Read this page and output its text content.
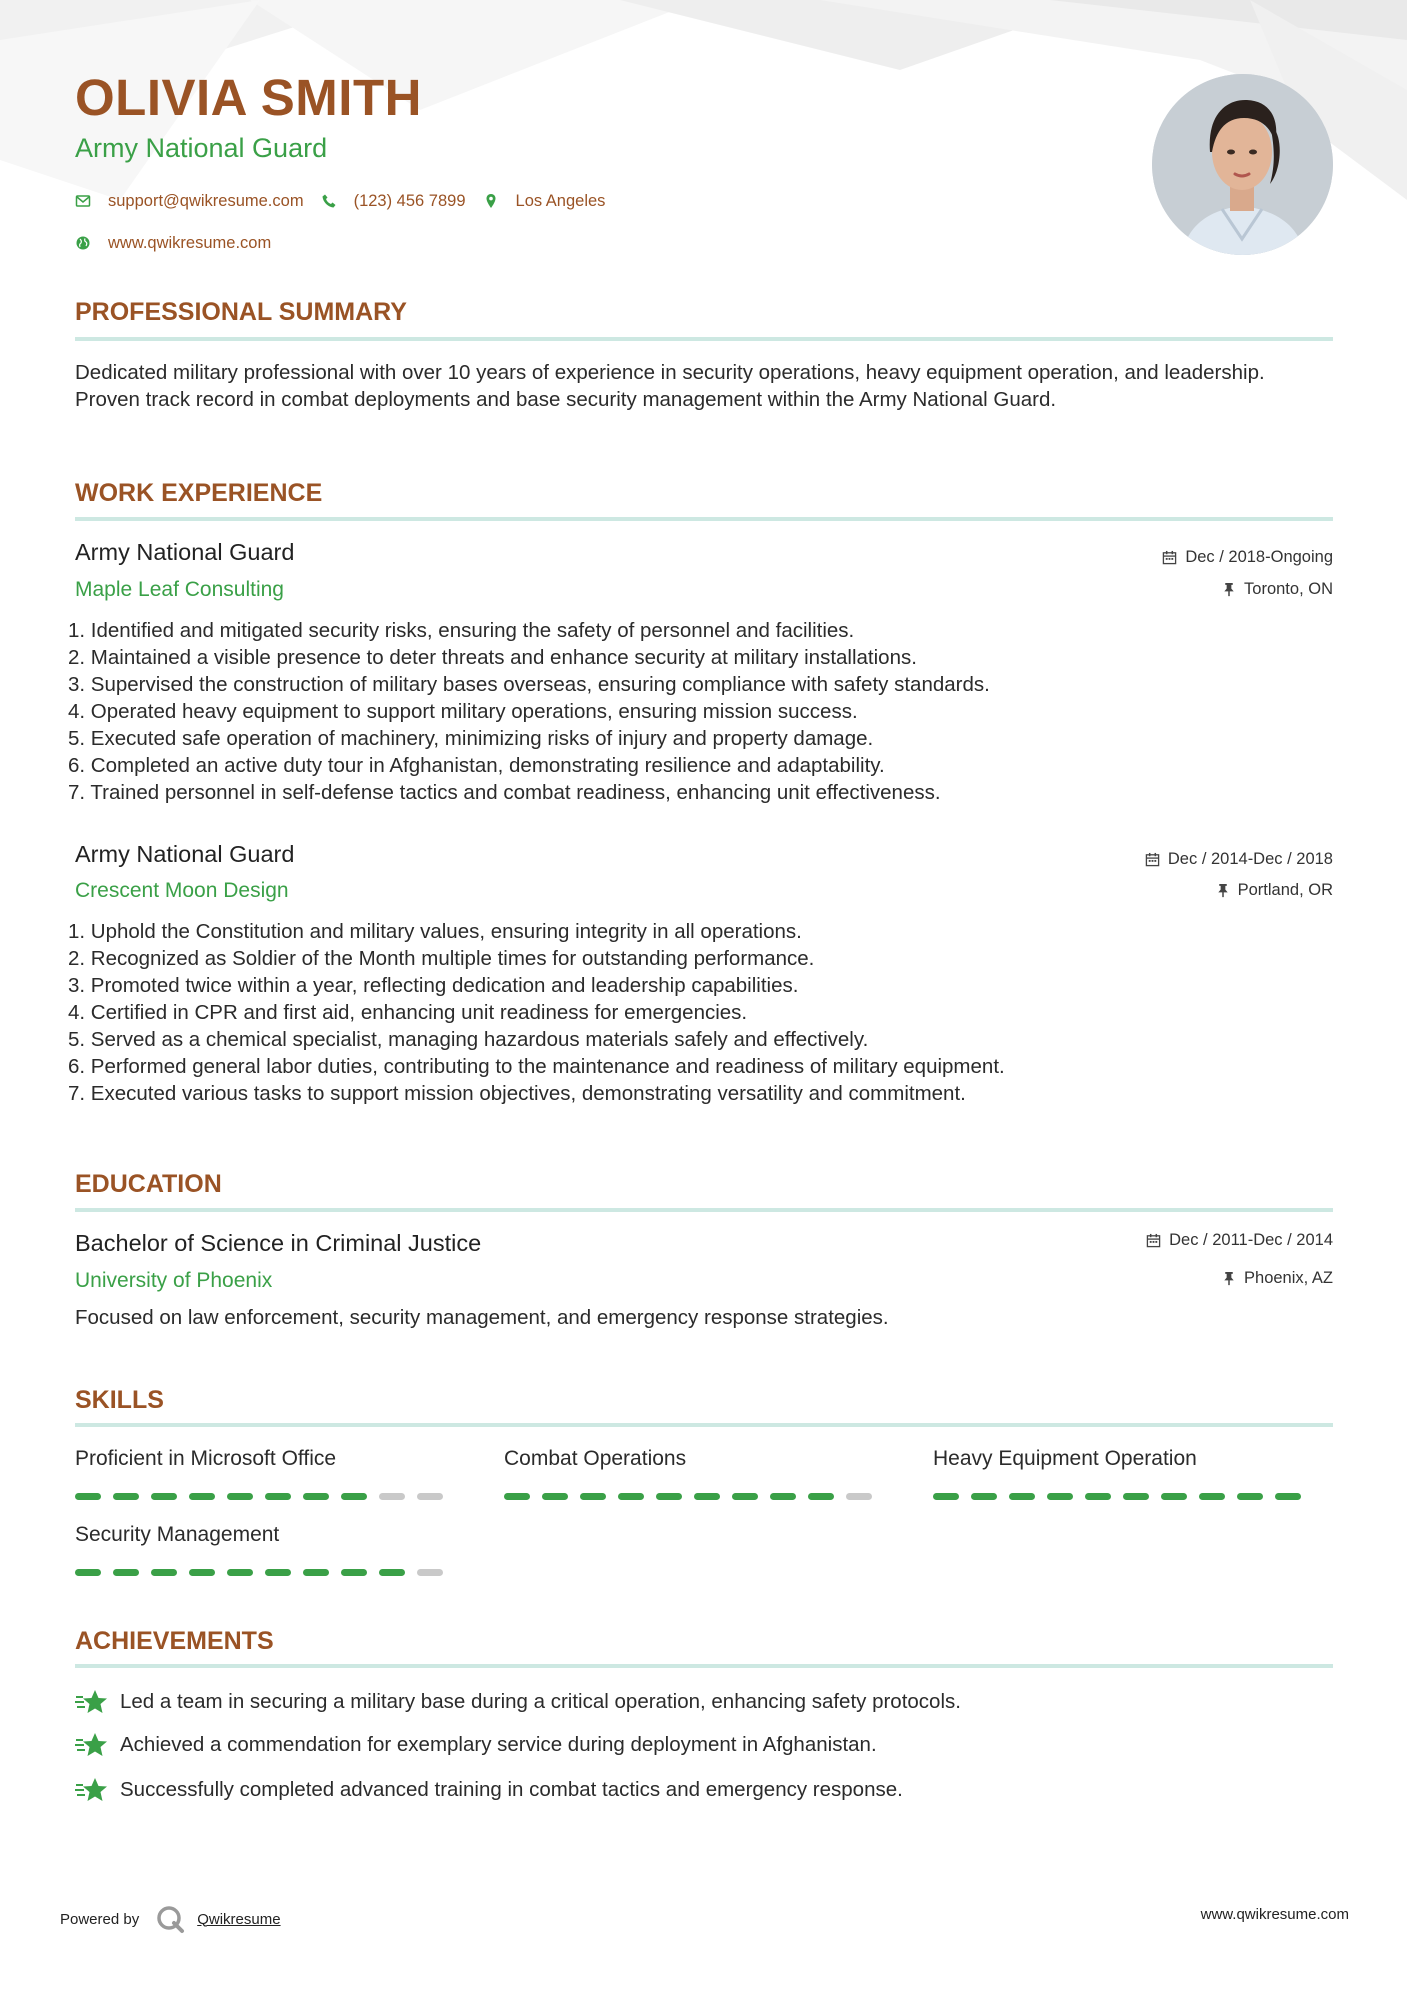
OLIVIA SMITH
Army National Guard
support@qwikresume.com	(123) 456 7899	Los Angeles
www.qwikresume.com
PROFESSIONAL SUMMARY
Dedicated military professional with over 10 years of experience in security operations, heavy equipment operation, and leadership. Proven track record in combat deployments and base security management within the Army National Guard.
WORK EXPERIENCE
Army National Guard
Maple Leaf Consulting
Dec / 2018-Ongoing
Toronto, ON
1. Identified and mitigated security risks, ensuring the safety of personnel and facilities.
2. Maintained a visible presence to deter threats and enhance security at military installations.
3. Supervised the construction of military bases overseas, ensuring compliance with safety standards.
4. Operated heavy equipment to support military operations, ensuring mission success.
5. Executed safe operation of machinery, minimizing risks of injury and property damage.
6. Completed an active duty tour in Afghanistan, demonstrating resilience and adaptability.
7. Trained personnel in self-defense tactics and combat readiness, enhancing unit effectiveness.
Army National Guard
Crescent Moon Design
Dec / 2014-Dec / 2018
Portland, OR
1. Uphold the Constitution and military values, ensuring integrity in all operations.
2. Recognized as Soldier of the Month multiple times for outstanding performance.
3. Promoted twice within a year, reflecting dedication and leadership capabilities.
4. Certified in CPR and first aid, enhancing unit readiness for emergencies.
5. Served as a chemical specialist, managing hazardous materials safely and effectively.
6. Performed general labor duties, contributing to the maintenance and readiness of military equipment.
7. Executed various tasks to support mission objectives, demonstrating versatility and commitment.
EDUCATION
Bachelor of Science in Criminal Justice
University of Phoenix
Dec / 2011-Dec / 2014
Phoenix, AZ
Focused on law enforcement, security management, and emergency response strategies.
SKILLS
Proficient in Microsoft Office	Combat Operations	Heavy Equipment Operation
Security Management
ACHIEVEMENTS
Led a team in securing a military base during a critical operation, enhancing safety protocols.
Achieved a commendation for exemplary service during deployment in Afghanistan.
Successfully completed advanced training in combat tactics and emergency response.
Powered by	Qwikresume	www.qwikresume.com
